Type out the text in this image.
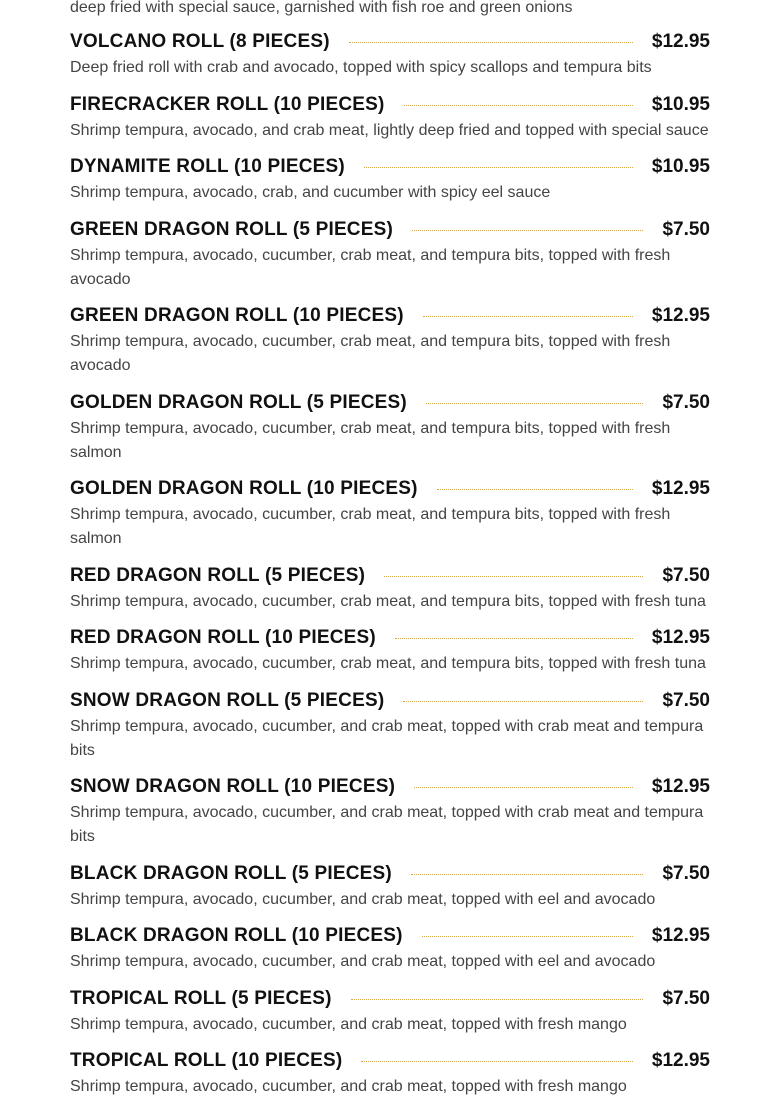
deep fried with special sauce, garnished with fish roe and green onions
VOLCANO ROLL (8 PIECES)	$12.95
Deep fried roll with crab and avocado, topped with spicy scallops and tempura bits
FIRECRACKER ROLL (10 PIECES)	$10.95
Shrimp tempura, avocado, and crab meat, lightly deep fried and topped with special sauce
DYNAMITE ROLL (10 PIECES)	$10.95
Shrimp tempura, avocado, crab, and cucumber with spicy eel sauce
GREEN DRAGON ROLL (5 PIECES)	$7.50
Shrimp tempura, avocado, cucumber, crab meat, and tempura bits, topped with fresh avocado
GREEN DRAGON ROLL (10 PIECES)	$12.95
Shrimp tempura, avocado, cucumber, crab meat, and tempura bits, topped with fresh avocado
GOLDEN DRAGON ROLL (5 PIECES)	$7.50
Shrimp tempura, avocado, cucumber, crab meat, and tempura bits, topped with fresh salmon
GOLDEN DRAGON ROLL (10 PIECES)	$12.95
Shrimp tempura, avocado, cucumber, crab meat, and tempura bits, topped with fresh salmon
RED DRAGON ROLL (5 PIECES)	$7.50
Shrimp tempura, avocado, cucumber, crab meat, and tempura bits, topped with fresh tuna
RED DRAGON ROLL (10 PIECES)	$12.95
Shrimp tempura, avocado, cucumber, crab meat, and tempura bits, topped with fresh tuna
SNOW DRAGON ROLL (5 PIECES)	$7.50
Shrimp tempura, avocado, cucumber, and crab meat, topped with crab meat and tempura bits
SNOW DRAGON ROLL (10 PIECES)	$12.95
Shrimp tempura, avocado, cucumber, and crab meat, topped with crab meat and tempura bits
BLACK DRAGON ROLL (5 PIECES)	$7.50
Shrimp tempura, avocado, cucumber, and crab meat, topped with eel and avocado
BLACK DRAGON ROLL (10 PIECES)	$12.95
Shrimp tempura, avocado, cucumber, and crab meat, topped with eel and avocado
TROPICAL ROLL (5 PIECES)	$7.50
Shrimp tempura, avocado, cucumber, and crab meat, topped with fresh mango
TROPICAL ROLL (10 PIECES)	$12.95
Shrimp tempura, avocado, cucumber, and crab meat, topped with fresh mango
